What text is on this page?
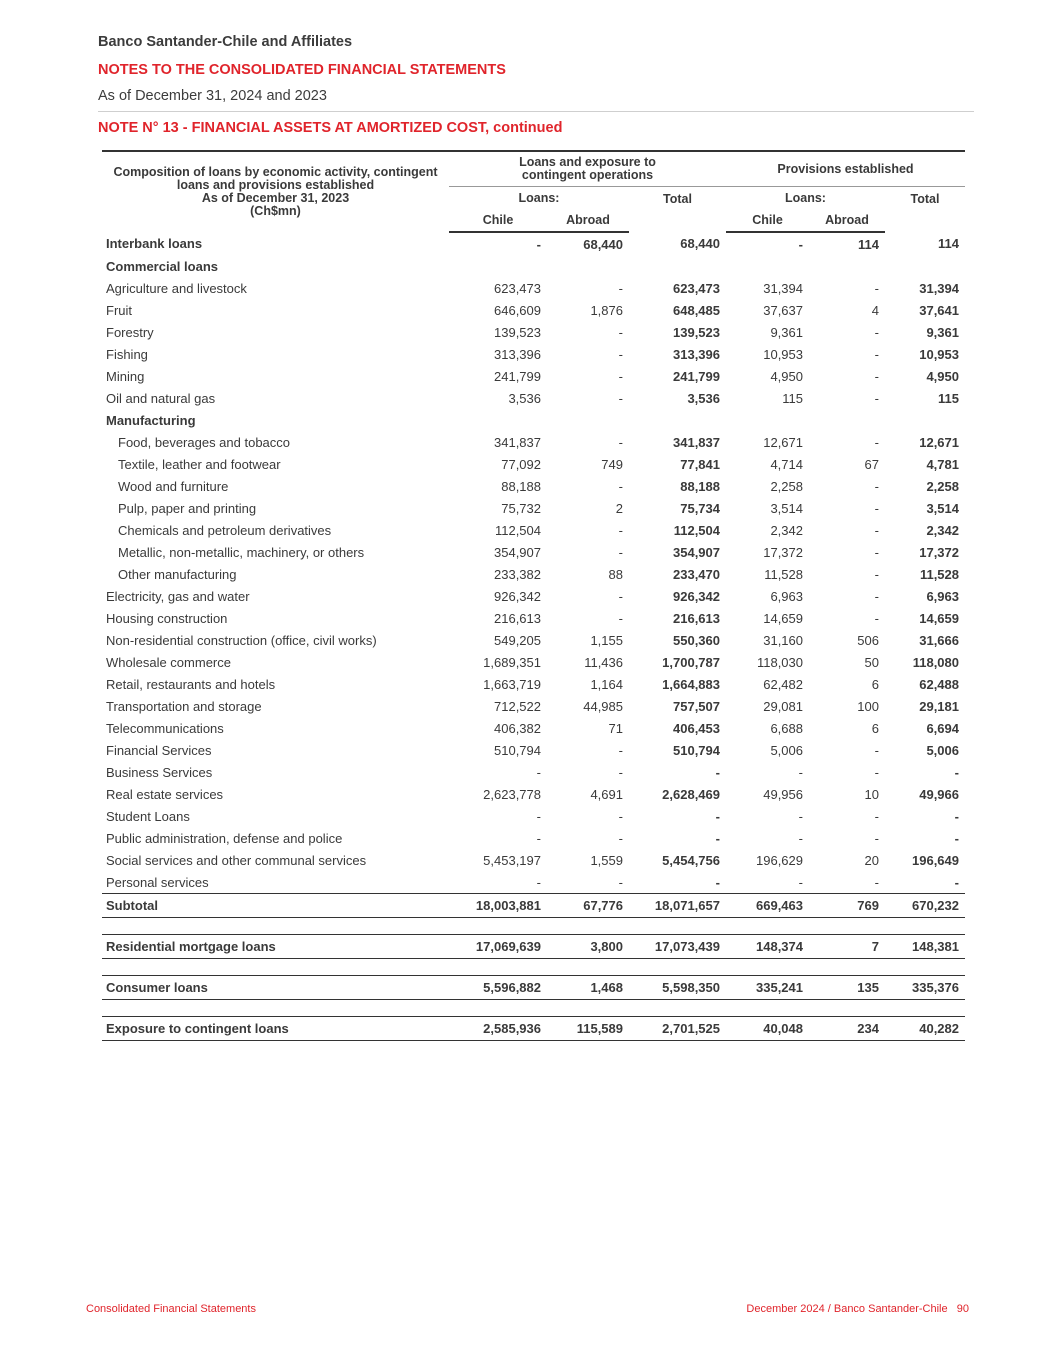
Banco Santander-Chile and Affiliates
NOTES TO THE CONSOLIDATED FINANCIAL STATEMENTS
As of December 31, 2024 and 2023
NOTE N° 13 - FINANCIAL ASSETS AT AMORTIZED COST, continued
Composition of loans by economic activity, contingent
loans and provisions established
As of December 31, 2023
(Ch$mn)	Loans and exposure to contingent operations			Provisions established		
	Loans:		Total	Loans:		Total
	Chile	Abroad		Chile	Abroad	
Interbank loans	-	68,440	68,440	-	114	114
Commercial loans						
Agriculture and livestock	623,473	-	623,473	31,394	-	31,394
Fruit	646,609	1,876	648,485	37,637	4	37,641
Forestry	139,523	-	139,523	9,361	-	9,361
Fishing	313,396	-	313,396	10,953	-	10,953
Mining	241,799	-	241,799	4,950	-	4,950
Oil and natural gas	3,536	-	3,536	115	-	115
Manufacturing						
Food, beverages and tobacco	341,837	-	341,837	12,671	-	12,671
Textile, leather and footwear	77,092	749	77,841	4,714	67	4,781
Wood and furniture	88,188	-	88,188	2,258	-	2,258
Pulp, paper and printing	75,732	2	75,734	3,514	-	3,514
Chemicals and petroleum derivatives	112,504	-	112,504	2,342	-	2,342
Metallic, non-metallic, machinery, or others	354,907	-	354,907	17,372	-	17,372
Other manufacturing	233,382	88	233,470	11,528	-	11,528
Electricity, gas and water	926,342	-	926,342	6,963	-	6,963
Housing construction	216,613	-	216,613	14,659	-	14,659
Non-residential construction (office, civil works)	549,205	1,155	550,360	31,160	506	31,666
Wholesale commerce	1,689,351	11,436	1,700,787	118,030	50	118,080
Retail, restaurants and hotels	1,663,719	1,164	1,664,883	62,482	6	62,488
Transportation and storage	712,522	44,985	757,507	29,081	100	29,181
Telecommunications	406,382	71	406,453	6,688	6	6,694
Financial Services	510,794	-	510,794	5,006	-	5,006
Business Services	-	-	-	-	-	-
Real estate services	2,623,778	4,691	2,628,469	49,956	10	49,966
Student Loans	-	-	-	-	-	-
Public administration, defense and police	-	-	-	-	-	-
Social services and other communal services	5,453,197	1,559	5,454,756	196,629	20	196,649
Personal services	-	-	-	-	-	-
Subtotal	18,003,881	67,776	18,071,657	669,463	769	670,232

Residential mortgage loans	17,069,639	3,800	17,073,439	148,374	7	148,381

Consumer loans	5,596,882	1,468	5,598,350	335,241	135	335,376

Exposure to contingent loans	2,585,936	115,589	2,701,525	40,048	234	40,282
Consolidated Financial Statements	December 2024 / Banco Santander-Chile   90
